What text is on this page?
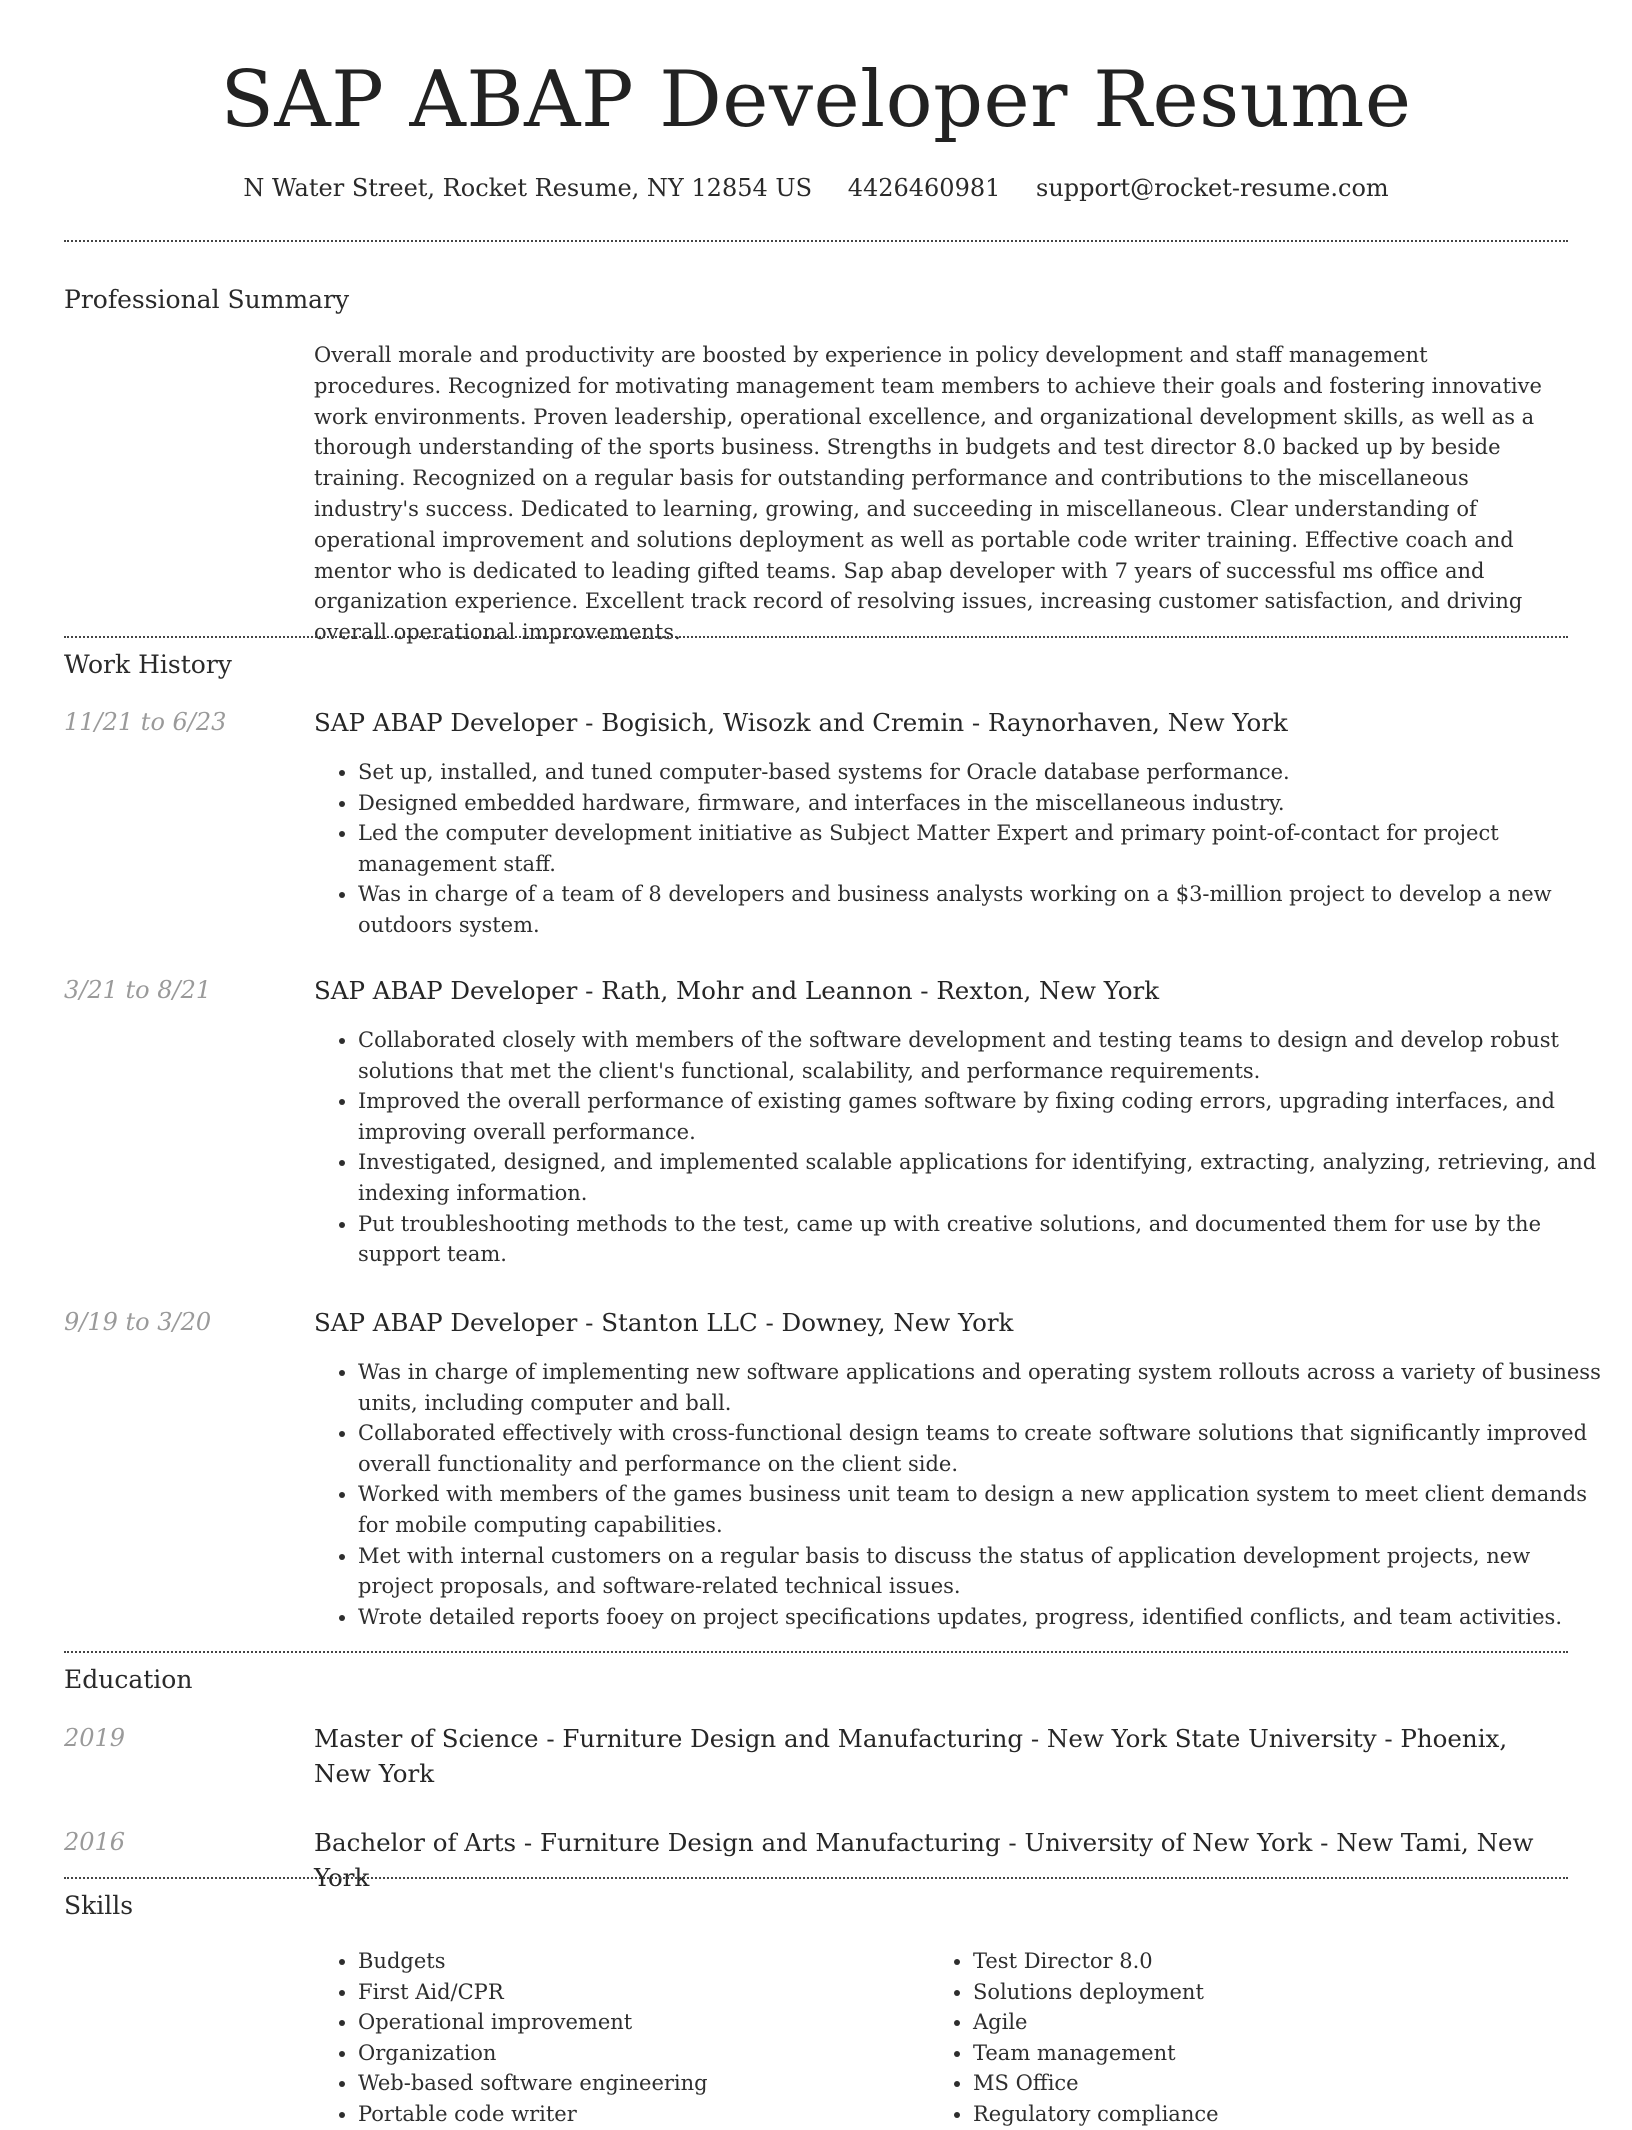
SAP ABAP Developer Resume
N Water Street, Rocket Resume, NY 12854 US 4426460981 support@rocket-resume.com
Professional Summary

Overall morale and productivity are boosted by experience in policy development and staff management procedures. Recognized for motivating management team members to achieve their goals and fostering innovative work environments. Proven leadership, operational excellence, and organizational development skills, as well as a thorough understanding of the sports business. Strengths in budgets and test director 8.0 backed up by beside training. Recognized on a regular basis for outstanding performance and contributions to the miscellaneous industry's success. Dedicated to learning, growing, and succeeding in miscellaneous. Clear understanding of operational improvement and solutions deployment as well as portable code writer training. Effective coach and mentor who is dedicated to leading gifted teams. Sap abap developer with 7 years of successful ms office and organization experience. Excellent track record of resolving issues, increasing customer satisfaction, and driving overall operational improvements.

Work History
11/21 to 6/23	SAP ABAP Developer - Bogisich, Wisozk and Cremin - Raynorhaven, New York
• Set up, installed, and tuned computer-based systems for Oracle database performance.
• Designed embedded hardware, firmware, and interfaces in the miscellaneous industry.
• Led the computer development initiative as Subject Matter Expert and primary point-of-contact for project management staff.
• Was in charge of a team of 8 developers and business analysts working on a $3-million project to develop a new outdoors system.
3/21 to 8/21	SAP ABAP Developer - Rath, Mohr and Leannon - Rexton, New York
• Collaborated closely with members of the software development and testing teams to design and develop robust solutions that met the client's functional, scalability, and performance requirements.
• Improved the overall performance of existing games software by fixing coding errors, upgrading interfaces, and improving overall performance.
• Investigated, designed, and implemented scalable applications for identifying, extracting, analyzing, retrieving, and indexing information.
• Put troubleshooting methods to the test, came up with creative solutions, and documented them for use by the support team.
9/19 to 3/20	SAP ABAP Developer - Stanton LLC - Downey, New York
• Was in charge of implementing new software applications and operating system rollouts across a variety of business units, including computer and ball.
• Collaborated effectively with cross-functional design teams to create software solutions that significantly improved overall functionality and performance on the client side.
• Worked with members of the games business unit team to design a new application system to meet client demands for mobile computing capabilities.
• Met with internal customers on a regular basis to discuss the status of application development projects, new project proposals, and software-related technical issues.
• Wrote detailed reports fooey on project specifications updates, progress, identified conflicts, and team activities.
Education
2019	Master of Science - Furniture Design and Manufacturing - New York State University - Phoenix, New York
2016	Bachelor of Arts - Furniture Design and Manufacturing - University of New York - New Tami, New York
Skills
• Budgets
• First Aid/CPR
• Operational improvement
• Organization
• Web-based software engineering
• Portable code writer
• Test Director 8.0
• Solutions deployment
• Agile
• Team management
• MS Office
• Regulatory compliance
